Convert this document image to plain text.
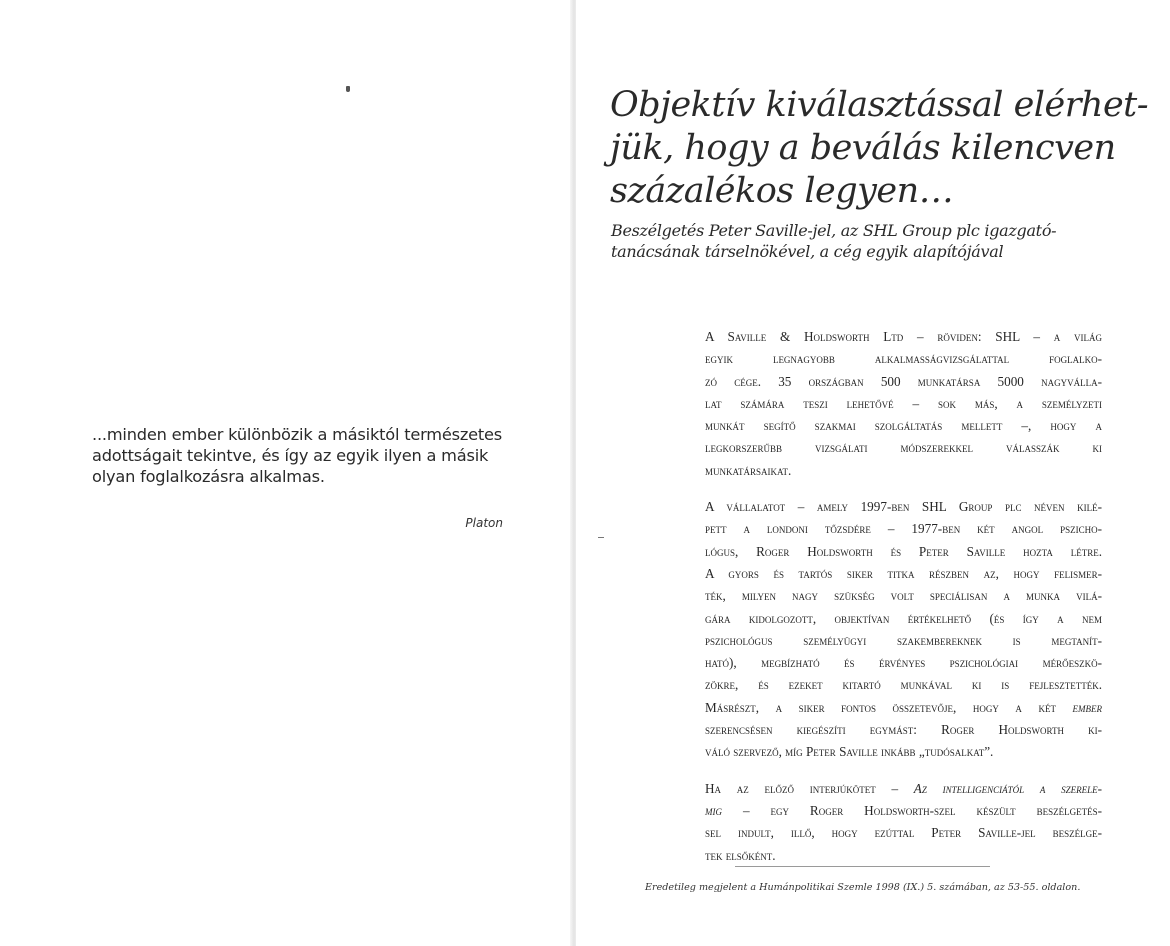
...minden ember különbözik a másiktól természetes
adottságait tekintve, és így az egyik ilyen a másik
olyan foglalkozásra alkalmas.
Platon
Objektív kiválasztással elérhet-
jük, hogy a beválás kilencven
százalékos legyen…
Beszélgetés Peter Saville-jel, az SHL Group plc igazgató-
tanácsának társelnökével, a cég egyik alapítójával

A Saville & Holdsworth Ltd – röviden: SHL – a világ
egyik legnagyobb alkalmasságvizsgálattal foglalko-
zó cége. 35 országban 500 munkatársa 5000 nagyválla-
lat számára teszi lehetővé – sok más, a személyzeti
munkát segítő szakmai szolgáltatás mellett –, hogy a
legkorszerűbb vizsgálati módszerekkel válasszák ki
munkatársaikat.

A vállalatot – amely 1997-ben SHL Group plc néven kilé-
pett a londoni tőzsdére – 1977-ben két angol pszicho-
lógus, Roger Holdsworth és Peter Saville hozta létre.
A gyors és tartós siker titka részben az, hogy felismer-
ték, milyen nagy szükség volt speciálisan a munka vilá-
gára kidolgozott, objektívan értékelhető (és így a nem
pszichológus személyügyi szakembereknek is megtanít-
ható), megbízható és érvényes pszichológiai mérőeszkö-
zökre, és ezeket kitartó munkával ki is fejlesztették.
Másrészt, a siker fontos összetevője, hogy a két ember
szerencsésen kiegészíti egymást: Roger Holdsworth ki-
váló szervező, míg Peter Saville inkább „tudósalkat”.

Ha az előző interjúkötet – Az intelligenciától a szerele-
mig – egy Roger Holdsworth-szel készült beszélgetés-
sel indult, illő, hogy ezúttal Peter Saville-jel beszélge-
tek elsőként.

Eredetileg megjelent a Humánpolitikai Szemle 1998 (IX.) 5. számában, az 53-55. oldalon.
